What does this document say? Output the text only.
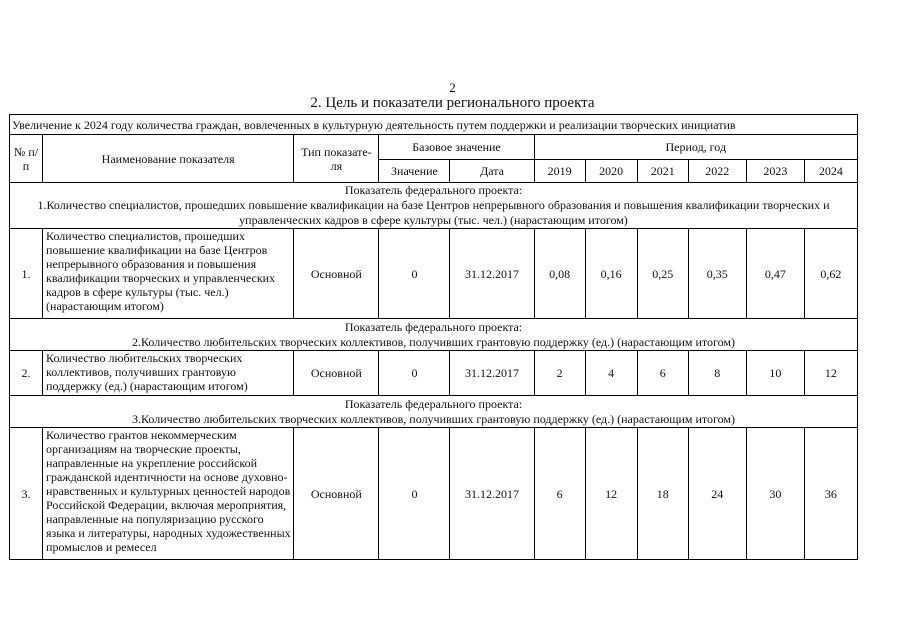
2
2. Цель и показатели регионального проекта
Увеличение к 2024 году количества граждан, вовлеченных в культурную деятельность путем поддержки и реализации творческих инициатив										
№ п/п	Наименование показателя	Тип показате-ля	Базовое значение		Период, год					
			Значение	Дата	2019	2020	2021	2022	2023	2024

Показатель федерального проекта:
1.Количество специалистов, прошедших повышение квалификации на базе Центров непрерывного образования и повышения квалификации творческих и управленческих кадров в сфере культуры (тыс. чел.) (нарастающим итогом)										

1.	Количество специалистов, прошедших повышение квалификации на базе Центров непрерывного образования и повышения квалификации творческих и управленческих кадров в сфере культуры (тыс. чел.) (нарастающим итогом)	Основной	0	31.12.2017	0,08	0,16	0,25	0,35	0,47	0,62

Показатель федерального проекта:
2.Количество любительских творческих коллективов, получивших грантовую поддержку (ед.) (нарастающим итогом)										

2.	Количество любительских творческих коллективов, получивших грантовую поддержку (ед.) (нарастающим итогом)	Основной	0	31.12.2017	2	4	6	8	10	12

Показатель федерального проекта:
3.Количество любительских творческих коллективов, получивших грантовую поддержку (ед.) (нарастающим итогом)										

3.	Количество грантов некоммерческим организациям на творческие проекты, направленные на укрепление российской гражданской идентичности на основе духовно-нравственных и культурных ценностей народов Российской Федерации, включая мероприятия, направленные на популяризацию русского языка и литературы, народных художественных промыслов и ремесел	Основной	0	31.12.2017	6	12	18	24	30	36
